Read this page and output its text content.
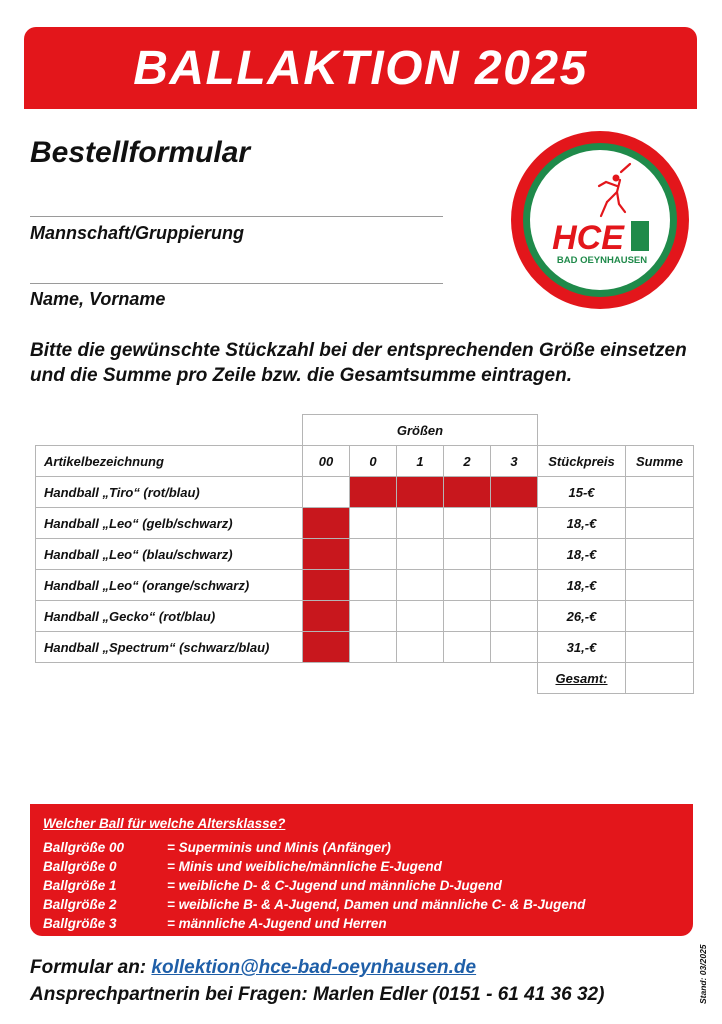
BALLAKTION 2025
Bestellformular
Mannschaft/Gruppierung
Name, Vorname
HCE
BAD OEYNHAUSEN
Bitte die gewünschte Stückzahl bei der entsprechenden Größe einsetzen und die Summe pro Zeile bzw. die Gesamtsumme eintragen.
	Größen						
Artikelbezeichnung	00	0	1	2	3	Stückpreis	Summe
Handball „Tiro“ (rot/blau)						15-€	
Handball „Leo“ (gelb/schwarz)						18,-€	
Handball „Leo“ (blau/schwarz)						18,-€	
Handball „Leo“ (orange/schwarz)						18,-€	
Handball „Gecko“ (rot/blau)						26,-€	
Handball „Spectrum“ (schwarz/blau)						31,-€	
						Gesamt:	
Welcher Ball für welche Altersklasse?
Ballgröße 00	= Superminis und Minis (Anfänger)
Ballgröße 0	= Minis und weibliche/männliche E-Jugend
Ballgröße 1	= weibliche D- & C-Jugend und männliche D-Jugend
Ballgröße 2	= weibliche B- & A-Jugend, Damen und männliche C- & B-Jugend
Ballgröße 3	= männliche A-Jugend und Herren
Formular an: kollektion@hce-bad-oeynhausen.de
Ansprechpartnerin bei Fragen: Marlen Edler (0151 - 61 41 36 32)	Stand: 03/2025
